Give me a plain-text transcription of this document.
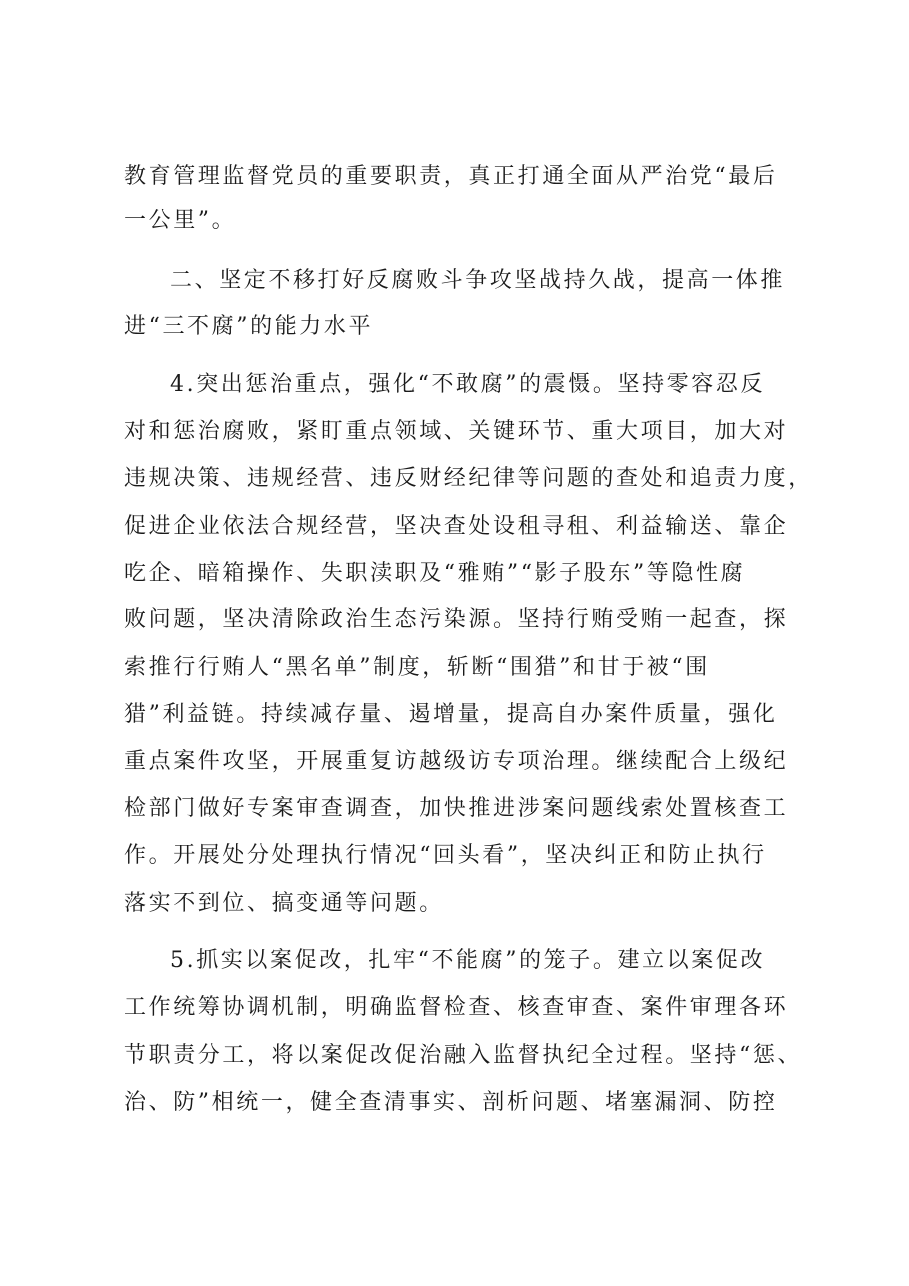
教育管理监督党员的重要职责，真正打通全面从严治党“最后
一公里”。
二、坚定不移打好反腐败斗争攻坚战持久战，提高一体推
进“三不腐”的能力水平
4.突出惩治重点，强化“不敢腐”的震慑。坚持零容忍反
对和惩治腐败，紧盯重点领域、关键环节、重大项目，加大对
违规决策、违规经营、违反财经纪律等问题的查处和追责力度，
促进企业依法合规经营，坚决查处设租寻租、利益输送、靠企
吃企、暗箱操作、失职渎职及“雅贿”“影子股东”等隐性腐
败问题，坚决清除政治生态污染源。坚持行贿受贿一起查，探
索推行行贿人“黑名单”制度，斩断“围猎”和甘于被“围
猎”利益链。持续减存量、遏增量，提高自办案件质量，强化
重点案件攻坚，开展重复访越级访专项治理。继续配合上级纪
检部门做好专案审查调查，加快推进涉案问题线索处置核查工
作。开展处分处理执行情况“回头看”，坚决纠正和防止执行
落实不到位、搞变通等问题。
5.抓实以案促改，扎牢“不能腐”的笼子。建立以案促改
工作统筹协调机制，明确监督检查、核查审查、案件审理各环
节职责分工，将以案促改促治融入监督执纪全过程。坚持“惩、
治、防”相统一，健全查清事实、剖析问题、堵塞漏洞、防控
